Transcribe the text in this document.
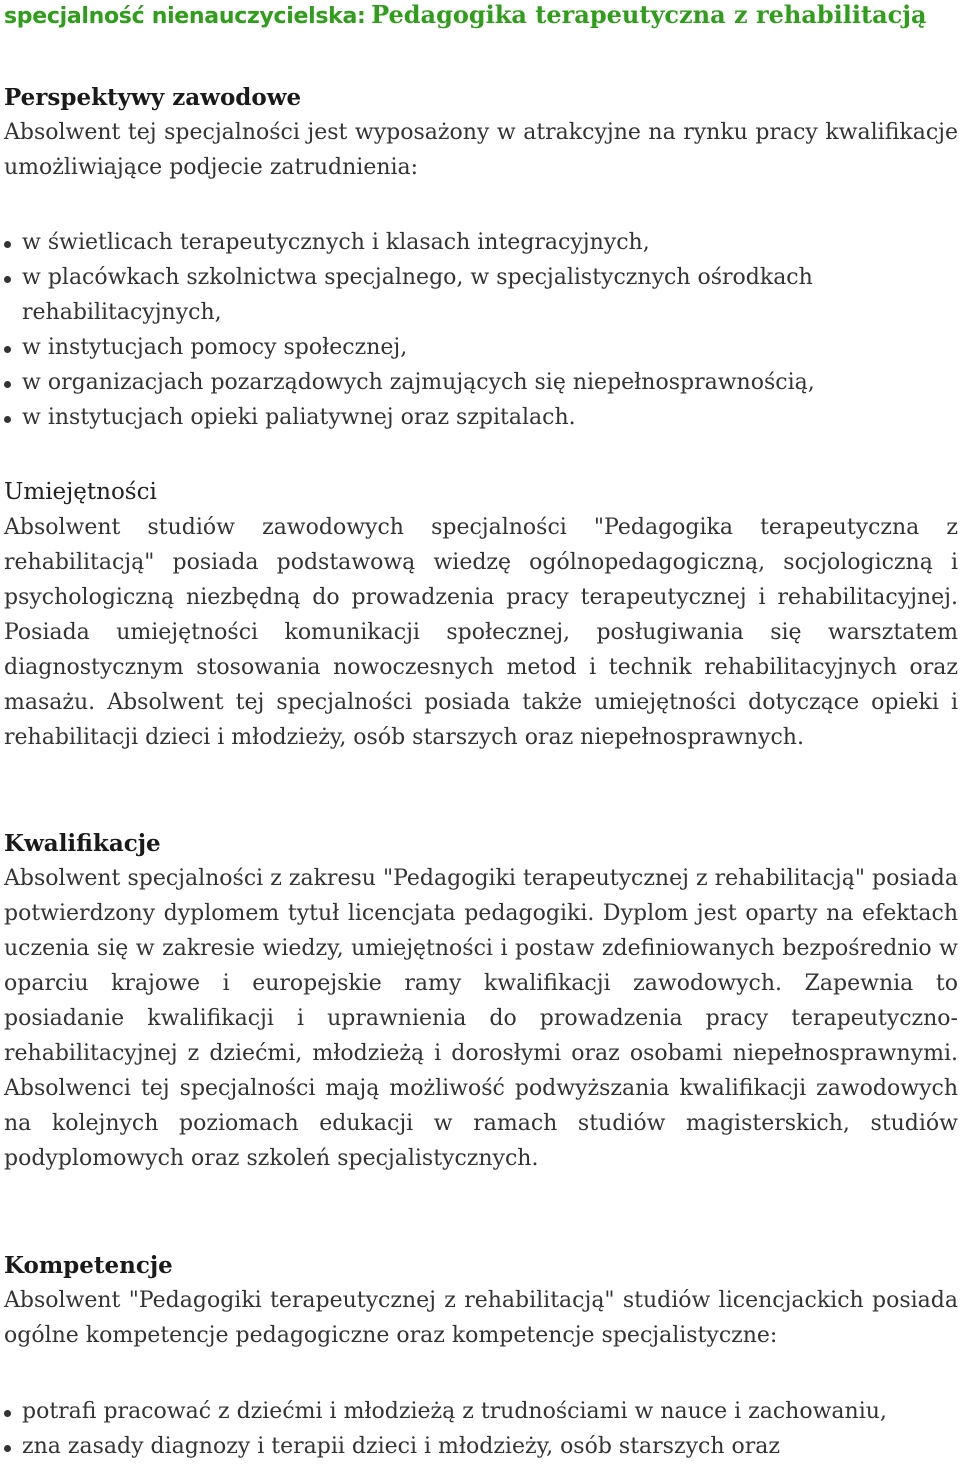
specjalność nienauczycielska: Pedagogika terapeutyczna z rehabilitacją
Perspektywy zawodowe

Absolwent tej specjalności jest wyposażony w atrakcyjne na rynku pracy kwalifikacje umożliwiające podjecie zatrudnienia:

w świetlicach terapeutycznych i klasach integracyjnych,
w placówkach szkolnictwa specjalnego, w specjalistycznych ośrodkach rehabilitacyjnych,
w instytucjach pomocy społecznej,
w organizacjach pozarządowych zajmujących się niepełnosprawnością,
w instytucjach opieki paliatywnej oraz szpitalach.
Umiejętności

Absolwent studiów zawodowych specjalności "Pedagogika terapeutyczna z rehabilitacją" posiada podstawową wiedzę ogólnopedagogiczną, socjologiczną i psychologiczną niezbędną do prowadzenia pracy terapeutycznej i rehabilitacyjnej. Posiada umiejętności komunikacji społecznej, posługiwania się warsztatem diagnostycznym stosowania nowoczesnych metod i technik rehabilitacyjnych oraz masażu. Absolwent tej specjalności posiada także umiejętności dotyczące opieki i rehabilitacji dzieci i młodzieży, osób starszych oraz niepełnosprawnych.

Kwalifikacje

Absolwent specjalności z zakresu "Pedagogiki terapeutycznej z rehabilitacją" posiada potwierdzony dyplomem tytuł licencjata pedagogiki. Dyplom jest oparty na efektach uczenia się w zakresie wiedzy, umiejętności i postaw zdefiniowanych bezpośrednio w oparciu krajowe i europejskie ramy kwalifikacji zawodowych. Zapewnia to posiadanie kwalifikacji i uprawnienia do prowadzenia pracy terapeutyczno-rehabilitacyjnej z dziećmi, młodzieżą i dorosłymi oraz osobami niepełnosprawnymi. Absolwenci tej specjalności mają możliwość podwyższania kwalifikacji zawodowych na kolejnych poziomach edukacji w ramach studiów magisterskich, studiów podyplomowych oraz szkoleń specjalistycznych.

Kompetencje

Absolwent "Pedagogiki terapeutycznej z rehabilitacją" studiów licencjackich posiada ogólne kompetencje pedagogiczne oraz kompetencje specjalistyczne:

potrafi pracować z dziećmi i młodzieżą z trudnościami w nauce i zachowaniu,
zna zasady diagnozy i terapii dzieci i młodzieży, osób starszych oraz
